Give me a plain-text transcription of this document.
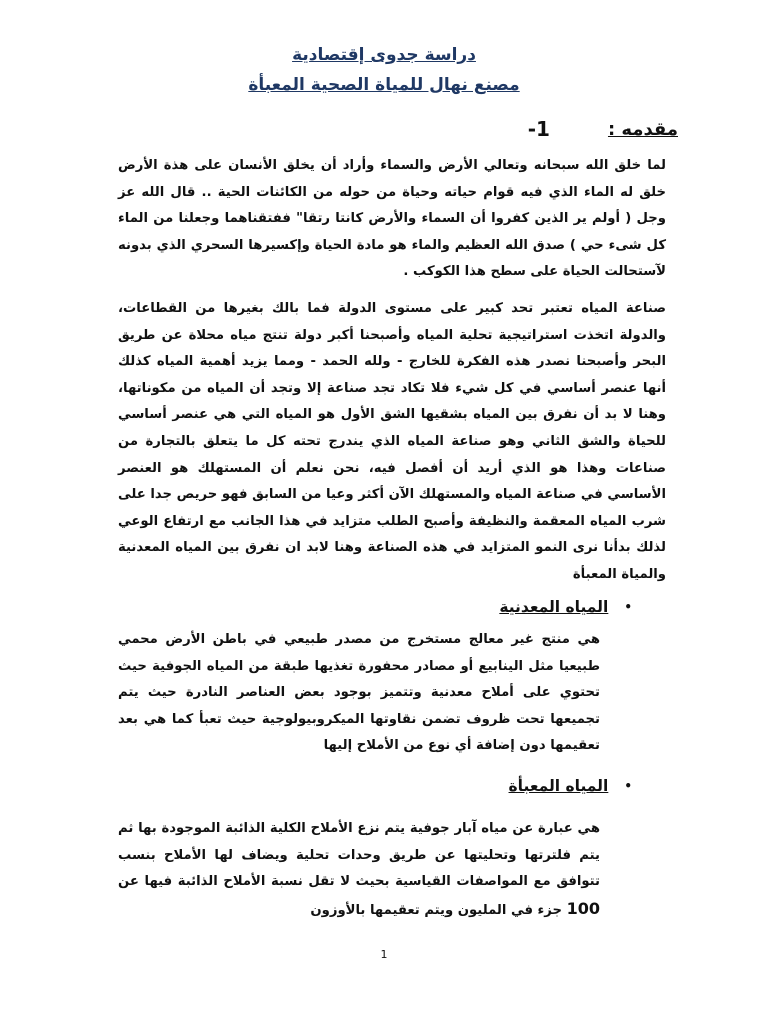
دراسة جدوى إقتصادية
مصنع نهال للمياة الصحية المعبأة
مقدمه :
-1

لما خلق الله سبحانه وتعالي الأرض والسماء وأراد أن يخلق الأنسان على هذة الأرض خلق له الماء الذي فيه قوام حياته وحياة من حوله من الكائنات الحية .. قال الله عز وجل ( أولم ير الذين كفروا أن السماء والأرض كانتا رتقا" ففتقناهما وجعلنا من الماء كل شىء حي ) صدق الله العظيم والماء هو مادة الحياة وإكسيرها السحري الذي بدونه لآستحالت الحياة على سطح هذا الكوكب .

صناعة المياه تعتبر تحد كبير على مستوى الدولة فما بالك بغيرها من القطاعات، والدولة اتخذت استراتيجية تحلية المياه وأصبحنا أكبر دولة تنتج مياه محلاة عن طريق البحر وأصبحنا نصدر هذه الفكرة للخارج - ولله الحمد - ومما يزيد أهمية المياه كذلك أنها عنصر أساسي في كل شيء فلا تكاد تجد صناعة إلا وتجد أن المياه من مكوناتها، وهنا لا بد أن نفرق بين المياه بشقيها الشق الأول هو المياه التي هي عنصر أساسي للحياة والشق الثاني وهو صناعة المياه الذي يندرج تحته كل ما يتعلق بالتجارة من صناعات وهذا هو الذي أريد أن أفصل فيه، نحن نعلم أن المستهلك هو العنصر الأساسي في صناعة المياه والمستهلك الآن أكثر وعيا من السابق فهو حريص جدا على شرب المياه المعقمة والنظيفة وأصبح الطلب متزايد في هذا الجانب مع ارتفاع الوعي لذلك بدأنا نرى النمو المتزايد في هذه الصناعة وهنا لابد ان نفرق بين المياه المعدنية والمياة المعبأة

•
المياه المعدنية

هي منتج غير معالج مستخرج من مصدر طبيعي في باطن الأرض محمي طبيعيا مثل الينابيع أو مصادر محفورة تغذيها طبقة من المياه الجوفية حيث تحتوي على أملاح معدنية وتتميز بوجود بعض العناصر النادرة حيث يتم تجميعها تحت ظروف تضمن نقاوتها الميكروبيولوجية حيث تعبأ كما هي بعد تعقيمها دون إضافة أي نوع من الأملاح إليها

•
المياه المعبأة

هي عبارة عن مياه آبار جوفية يتم نزع الأملاح الكلية الذائبة الموجودة بها ثم يتم فلترتها وتحليتها عن طريق وحدات تحلية ويضاف لها الأملاح بنسب تتوافق مع المواصفات القياسية بحيث لا تقل نسبة الأملاح الذائبة فيها عن 100 جزء في المليون ويتم تعقيمها بالأوزون

1
